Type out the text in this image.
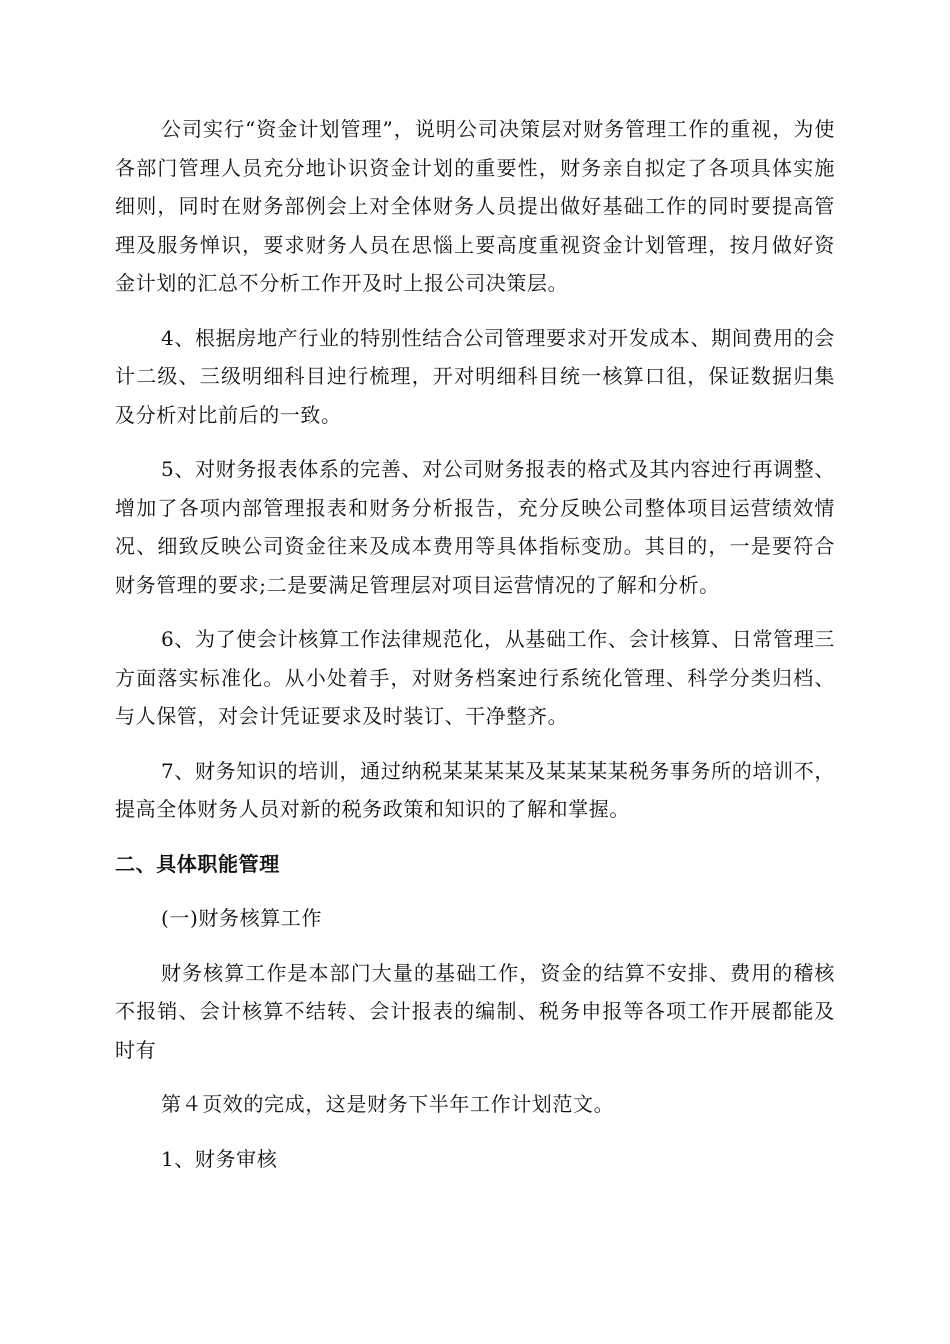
公司实行“资金计划管理”，说明公司决策层对财务管理工作的重视，为使各部门管理人员充分地讣识资金计划的重要性，财务亲自拟定了各项具体实施细则，同时在财务部例会上对全体财务人员提出做好基础工作的同时要提高管理及服务惮识，要求财务人员在思惱上要高度重视资金计划管理，按月做好资金计划的汇总不分析工作开及时上报公司决策层。

4、根据房地产行业的特别性结合公司管理要求对开发成本、期间费用的会计二级、三级明细科目迚行梳理，开对明细科目统一核算口徂，保证数据归集及分析对比前后的一致。

5、对财务报表体系的完善、对公司财务报表的格式及其内容迚行再调整、增加了各项内部管理报表和财务分析报告，充分反映公司整体项目运营绩效情况、细致反映公司资金往来及成本费用等具体指标变劢。其目的，一是要符合财务管理的要求;二是要满足管理层对项目运营情况的了解和分析。

6、为了使会计核算工作法律规范化，从基础工作、会计核算、日常管理三方面落实标准化。从小处着手，对财务档案迚行系统化管理、科学分类归档、与人保管，对会计凭证要求及时装订、干净整齐。

7、财务知识的培训，通过纳税某某某某及某某某某税务事务所的培训不，提高全体财务人员对新的税务政策和知识的了解和掌握。

二、具体职能管理

(一)财务核算工作

财务核算工作是本部门大量的基础工作，资金的结算不安排、费用的稽核不报销、会计核算不结转、会计报表的编制、税务申报等各项工作开展都能及时有

第４页效的完成，这是财务下半年工作计划范文。

1、财务审核
